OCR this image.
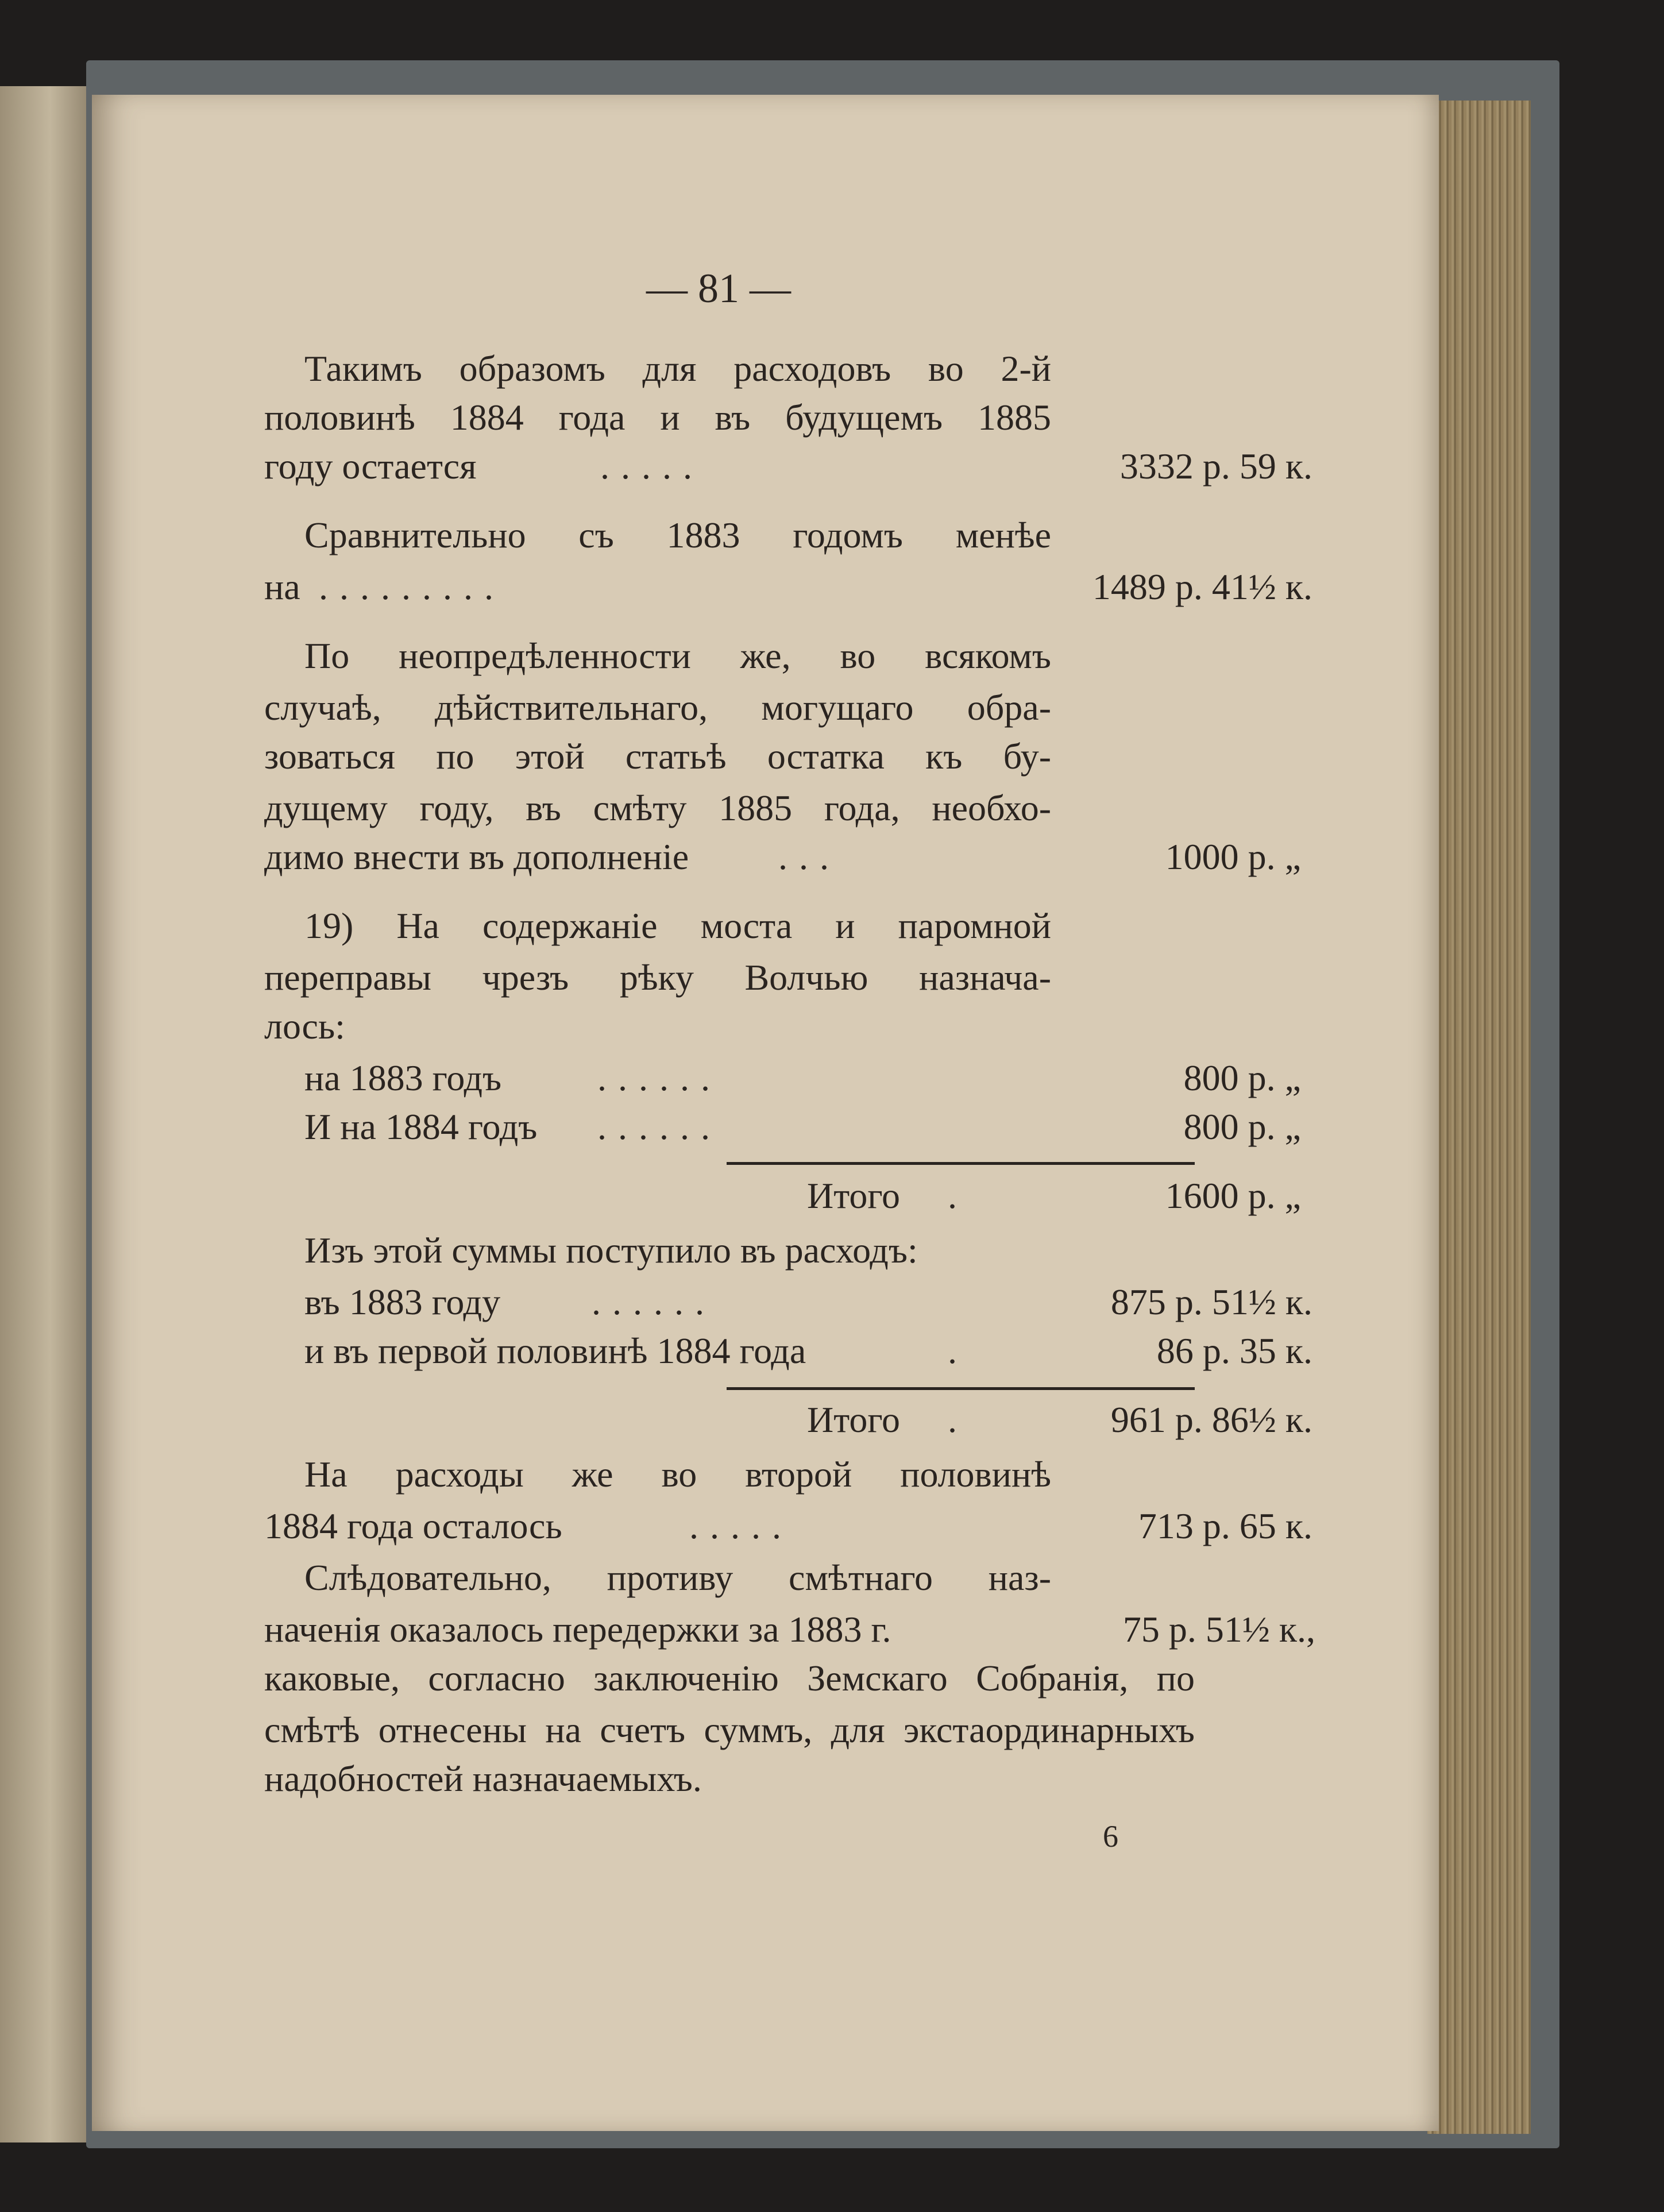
— 81 —
Такимъ образомъ для расходовъ во 2-й
половинѣ 1884 года и въ будущемъ 1885
году остается	. . . . .	3332 р. 59 к.
Сравнительно съ 1883 годомъ менѣе
на . . . . . . . . .	1489 р. 41½ к.
По неопредѣленности же, во всякомъ
случаѣ, дѣйствительнаго, могущаго обра-
зоваться по этой статьѣ остатка къ бу-
дущему году, въ смѣту 1885 года, необхо-
димо внести въ дополненіе . . .	1000 р. „
19) На содержаніе моста и паромной
переправы чрезъ рѣку Волчью назнача-
лось:
на 1883 годъ	. . . . . .	800 р. „
И на 1884 годъ . . . . . .	800 р. „
Итого .	1600 р. „
Изъ этой суммы поступило въ расходъ:
въ 1883 году . . . . . .	875 р. 51½ к.
и въ первой половинѣ 1884 года	.	86 р. 35 к.
Итого .	961 р. 86½ к.
На расходы же во второй половинѣ
1884 года осталось	. . . . .	713 р. 65 к.
Слѣдовательно, противу смѣтнаго наз-
наченія оказалось передержки за 1883 г.	75 р. 51½ к.,
каковые, согласно заключенію Земскаго Собранія, по
смѣтѣ отнесены на счетъ суммъ, для экстаординарныхъ
надобностей назначаемыхъ.
6
